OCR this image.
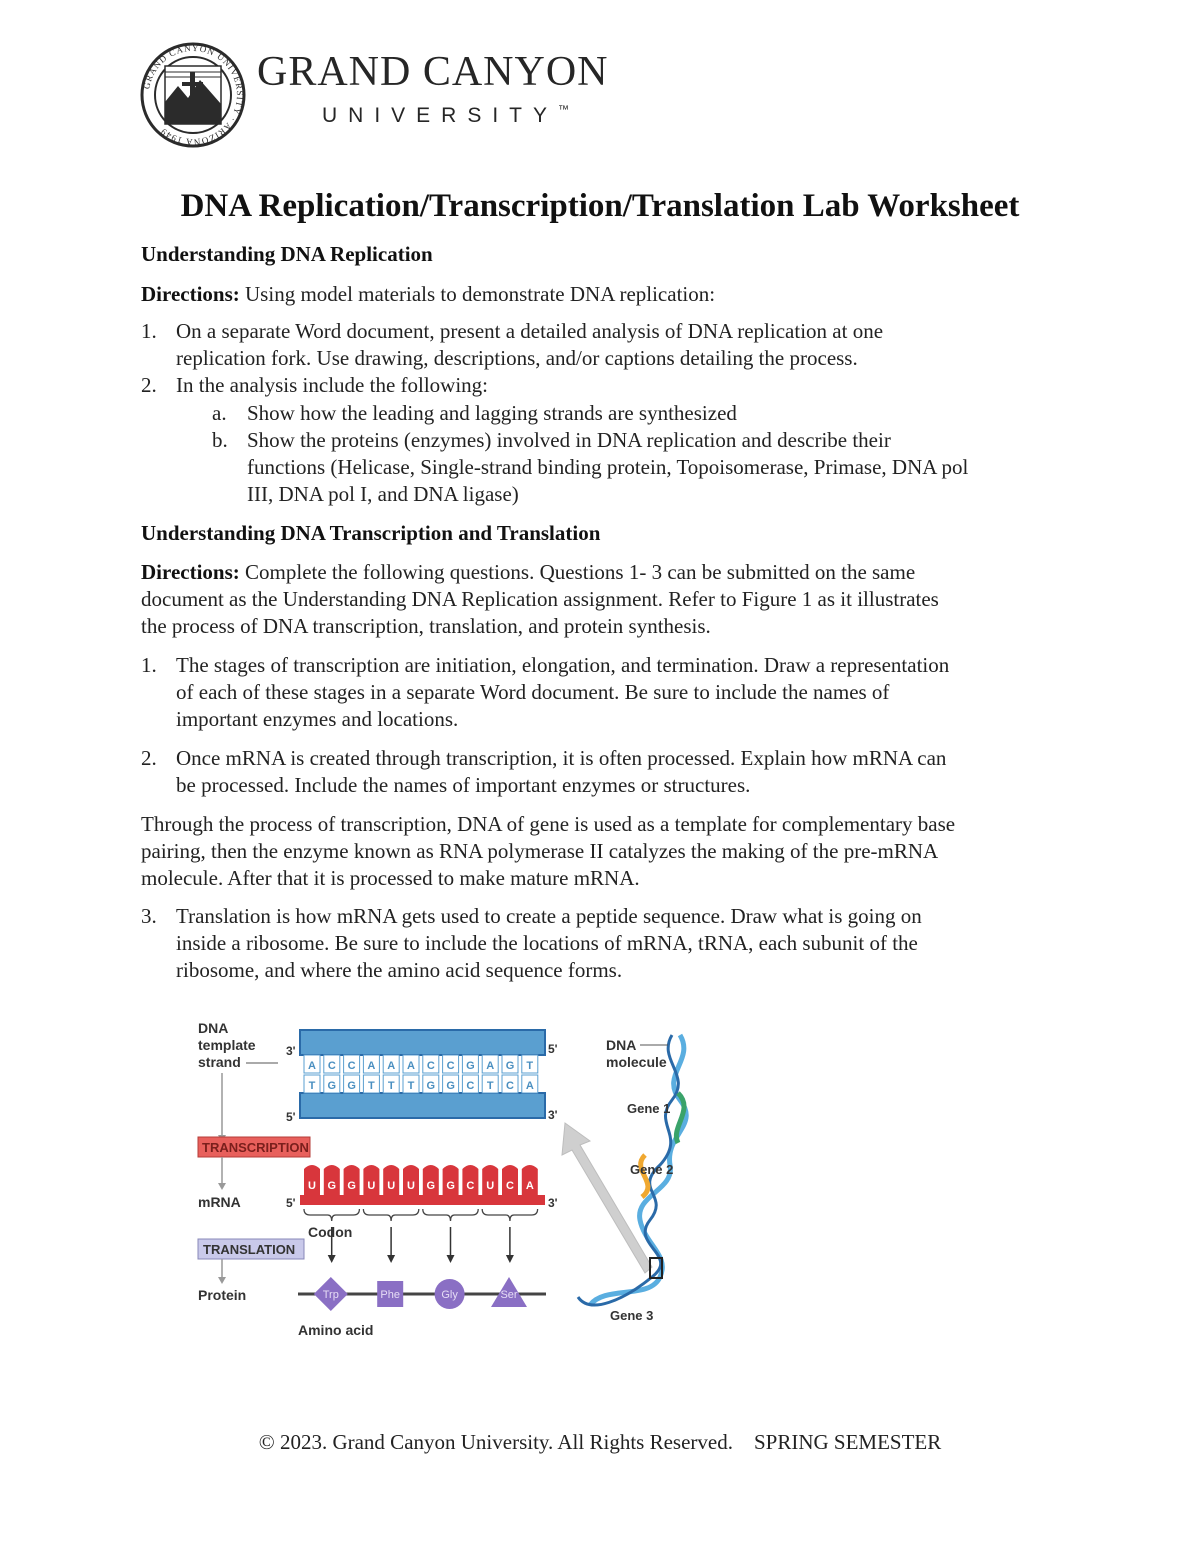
GRAND CANYON UNIVERSITY · ARIZONA 1949
GRAND CANYON
UNIVERSITY™
DNA Replication/Transcription/Translation Lab Worksheet
Understanding DNA Replication
Directions: Using model materials to demonstrate DNA replication:
1. On a separate Word document, present a detailed analysis of DNA replication at one
replication fork. Use drawing, descriptions, and/or captions detailing the process.
2. In the analysis include the following:
a. Show how the leading and lagging strands are synthesized
b. Show the proteins (enzymes) involved in DNA replication and describe their
functions (Helicase, Single-strand binding protein, Topoisomerase, Primase, DNA pol
III, DNA pol I, and DNA ligase)
Understanding DNA Transcription and Translation
Directions: Complete the following questions. Questions 1- 3 can be submitted on the same
document as the Understanding DNA Replication assignment. Refer to Figure 1 as it illustrates
the process of DNA transcription, translation, and protein synthesis.
1. The stages of transcription are initiation, elongation, and termination. Draw a representation
of each of these stages in a separate Word document. Be sure to include the names of
important enzymes and locations.
2. Once mRNA is created through transcription, it is often processed. Explain how mRNA can
be processed. Include the names of important enzymes or structures.
Through the process of transcription, DNA of gene is used as a template for complementary base
pairing, then the enzyme known as RNA polymerase II catalyzes the making of the pre-mRNA
molecule. After that it is processed to make mature mRNA.
3. Translation is how mRNA gets used to create a peptide sequence. Draw what is going on
inside a ribosome. Be sure to include the locations of mRNA, tRNA, each subunit of the
ribosome, and where the amino acid sequence forms.
DNA
template
strand	A C C A A A C C G A G T
T G G T T T G G C T C A
3'
5'
5'
3'
TRANSCRIPTION
mRNA	5'	3'
U G G U U U G G C U C A
Codon
TRANSLATION
Protein	Trp	Phe	Gly	Ser
Amino acid
DNA
molecule
Gene 1
Gene 2
Gene 3
© 2023. Grand Canyon University. All Rights Reserved.    SPRING SEMESTER
